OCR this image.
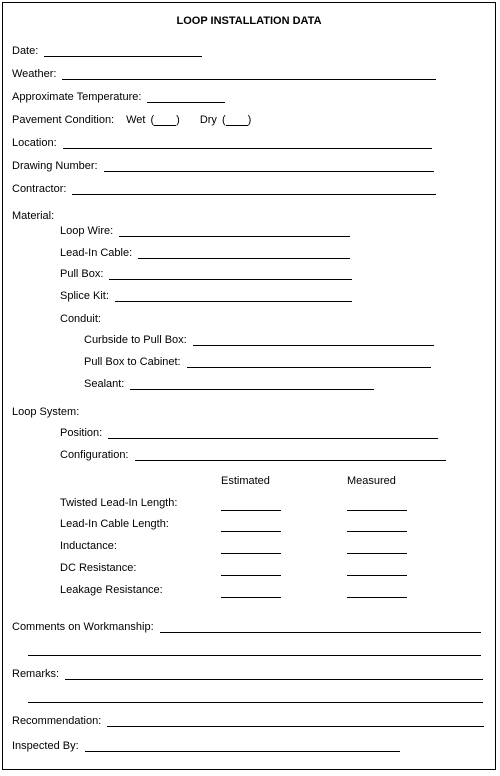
LOOP INSTALLATION DATA
Date:
Weather:
Approximate Temperature:
Pavement Condition: Wet ( ) Dry ( )
Location:
Drawing Number:
Contractor:
Material:
Loop Wire:
Lead-In Cable:
Pull Box:
Splice Kit:
Conduit:
Curbside to Pull Box:
Pull Box to Cabinet:
Sealant:
Loop System:
Position:
Configuration:
Estimated	Measured
Twisted Lead-In Length:
Lead-In Cable Length:
Inductance:
DC Resistance:
Leakage Resistance:
Comments on Workmanship:
Remarks:
Recommendation:
Inspected By:
